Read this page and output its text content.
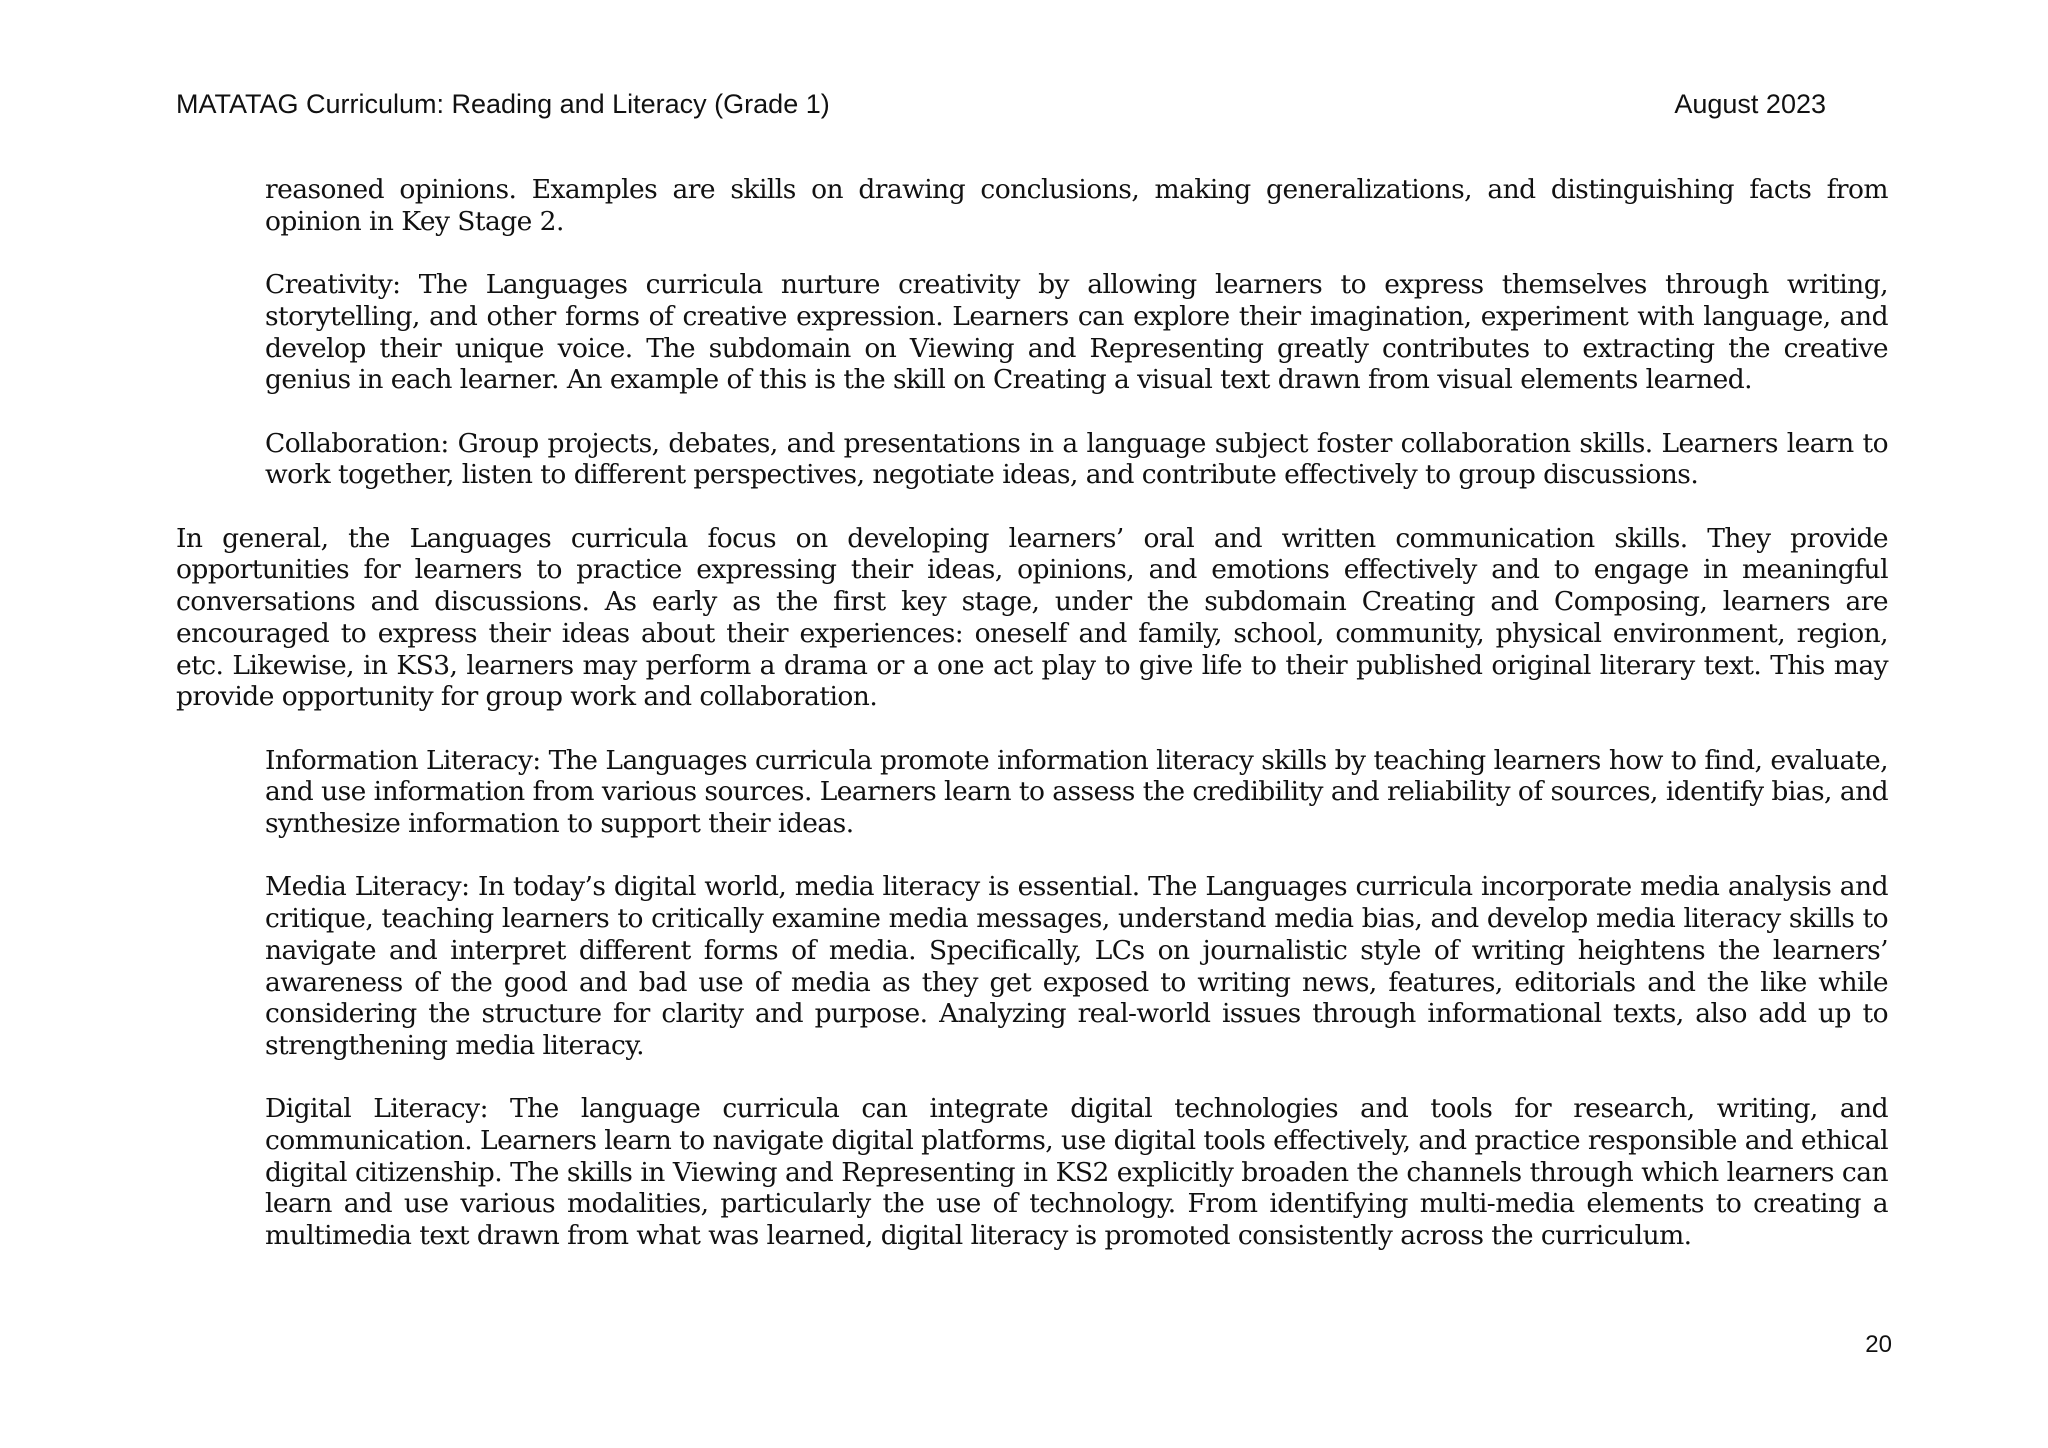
MATATAG Curriculum: Reading and Literacy (Grade 1)	August 2023

reasoned opinions. Examples are skills on drawing conclusions, making generalizations, and distinguishing facts from opinion in Key Stage 2.

Creativity: The Languages curricula nurture creativity by allowing learners to express themselves through writing, storytelling, and other forms of creative expression. Learners can explore their imagination, experiment with language, and develop their unique voice. The subdomain on Viewing and Representing greatly contributes to extracting the creative genius in each learner. An example of this is the skill on Creating a visual text drawn from visual elements learned.

Collaboration: Group projects, debates, and presentations in a language subject foster collaboration skills. Learners learn to work together, listen to different perspectives, negotiate ideas, and contribute effectively to group discussions.

In general, the Languages curricula focus on developing learners’ oral and written communication skills. They provide opportunities for learners to practice expressing their ideas, opinions, and emotions effectively and to engage in meaningful conversations and discussions. As early as the first key stage, under the subdomain Creating and Composing, learners are encouraged to express their ideas about their experiences: oneself and family, school, community, physical environment, region, etc. Likewise, in KS3, learners may perform a drama or a one act play to give life to their published original literary text. This may provide opportunity for group work and collaboration.

Information Literacy: The Languages curricula promote information literacy skills by teaching learners how to find, evaluate, and use information from various sources. Learners learn to assess the credibility and reliability of sources, identify bias, and synthesize information to support their ideas.

Media Literacy: In today’s digital world, media literacy is essential. The Languages curricula incorporate media analysis and critique, teaching learners to critically examine media messages, understand media bias, and develop media literacy skills to navigate and interpret different forms of media. Specifically, LCs on journalistic style of writing heightens the learners’ awareness of the good and bad use of media as they get exposed to writing news, features, editorials and the like while considering the structure for clarity and purpose. Analyzing real-world issues through informational texts, also add up to strengthening media literacy.

Digital Literacy: The language curricula can integrate digital technologies and tools for research, writing, and communication. Learners learn to navigate digital platforms, use digital tools effectively, and practice responsible and ethical digital citizenship. The skills in Viewing and Representing in KS2 explicitly broaden the channels through which learners can learn and use various modalities, particularly the use of technology. From identifying multi-media elements to creating a multimedia text drawn from what was learned, digital literacy is promoted consistently across the curriculum.

20
